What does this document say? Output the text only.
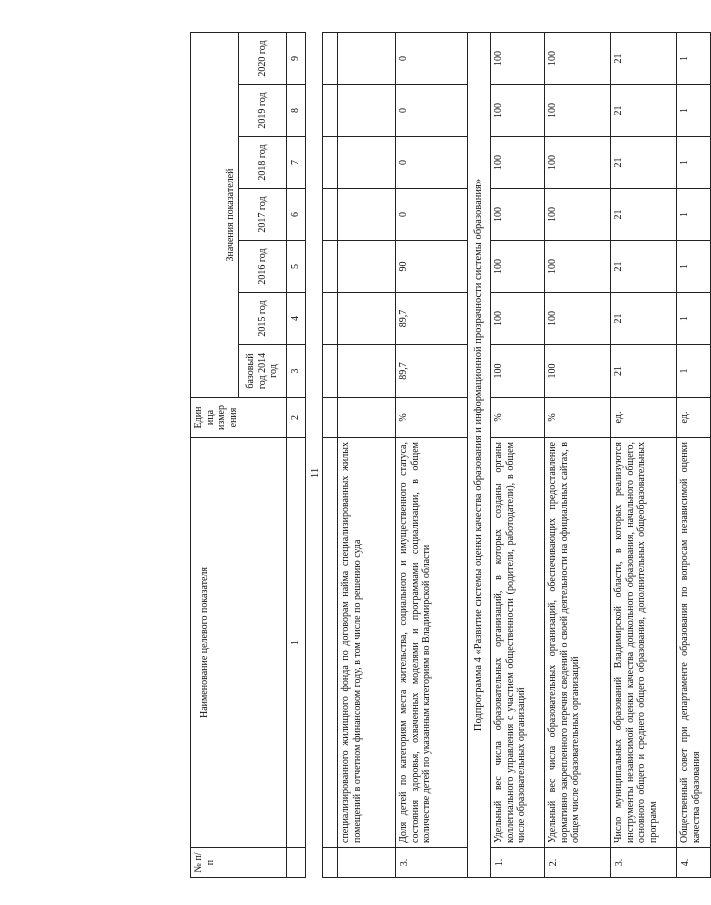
11
№ п/п	Наименование целевого показателя	Един ица измер ения	Значения показателей						
			базовый год 2014 год	2015 год	2016 год	2017 год	2018 год	2019 год	2020 год
	1	2	3	4	5	6	7	8	9

	специализированного жилищного фонда по договорам найма специализированных жилых помещений в отчетном финансовом году, в том числе по решению суда								
3.	Доля детей по категориям места жительства, социального и имущественного статуса, состояния здоровья, охваченных моделями и программами социализации, в общем количестве детей по указанным категориям во Владимирской области	%	89,7	89,7	90	0	0	0	0
Подпрограмма 4 «Развитие системы оценки качества образования и информационной прозрачности системы образования»									
1.	Удельный вес числа образовательных организаций, в которых созданы органы коллегиального управления с участием общественности (родители, работодатели), в общем числе образовательных организаций	%	100	100	100	100	100	100	100
2.	Удельный вес числа образовательных организаций, обеспечивающих предоставление нормативно закрепленного перечня сведений о своей деятельности на официальных сайтах, в общем числе образовательных организаций	%	100	100	100	100	100	100	100
3.	Число муниципальных образований Владимирской области, в которых реализуются инструменты независимой оценки качества дошкольного образования, начального общего, основного общего и среднего общего образования, дополнительных общеобразовательных программ	ед.	21	21	21	21	21	21	21
4.	Общественный совет при департаменте образования по вопросам независимой оценки качества образования	ед.	1	1	1	1	1	1	1
